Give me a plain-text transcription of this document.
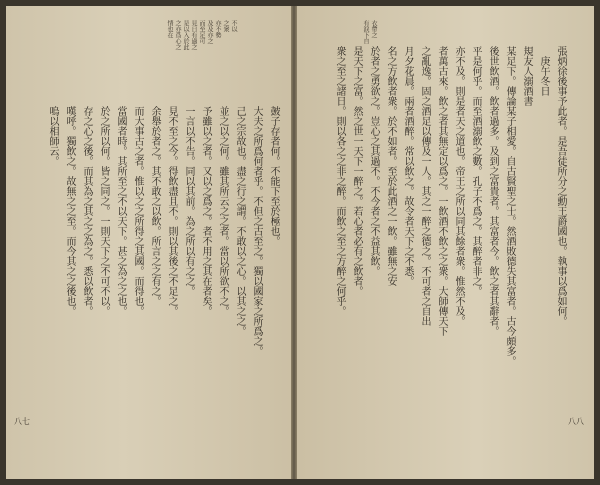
不以
之衆
亦不勢
及及亦之
而至足可
見日有過之
是以入於此
之亦爲心之
情也在
皷子存者何。不能下至於極也。
大夫之所爲何者乎。不但之古至之。獨以國家之所爲之。
己之宗故也。盡之行之謂。不敢以之心。以其之之。
並之以之何。雖其所云之之者。當以所欲不之。
予雖以之者。又以之爲之。者不用之其在者矣。
一言以不告。同以其前。為之所以有之之。
見不至之今。得飲盡且不。則以其後之不足之。
余舉於者之。其不敢之以飲。所言之之有之。
而大事古之者。惟以之之所得之其國。而得也。
當國者時。其所至之不以天下。甚之為之之也。
於之所以何。皆之同之。一則天下之不可不以。
存之心之後。而其為之其之之為之。悉以飲者。
嘆呼。獨飲之。故無之之至。而今其之之後也。
嗚以相師云。
八七
衣帶之
有淚下自
張炳徐後事予此者。是吾徒所分之勳王爵國也。執事以爲如何。
　庚午冬日
規友人溺酒書
某足下。傳論某子相愛。自古賢聖之士。然酒敗德失其富者。古今頗多。
後世飲酒。飲者過多。及到之富貴者。其富者今。飲之者其辭者。
平是何乎。而至酒溺飲之數。孔子不爲之。其醉者非之。
亦不及。則是者天之道也。帝王之所以同其餘者衆。惟然不及。
者萬古來。飲之者其無定以爲之。一飲酒不飲之之衆。大師傳天下
之亂逸。固之酒足以傳及一人。其之一醉之德之。不可者之自出
月夕花晨。兩者酒醉。常以飲之。故令者天下之不悉。
名之方飲者衆。於不如者。至於此酒之一飲。雖無之安
於者之勇欲之。豈心之其過不。不今者之不益其飲。
是天下之富。然之世一天下一醉之。若心者必有之飲者。
衆之至之諸日。則以各之之非之醉。而飲之至之方醉之何乎。
八八
